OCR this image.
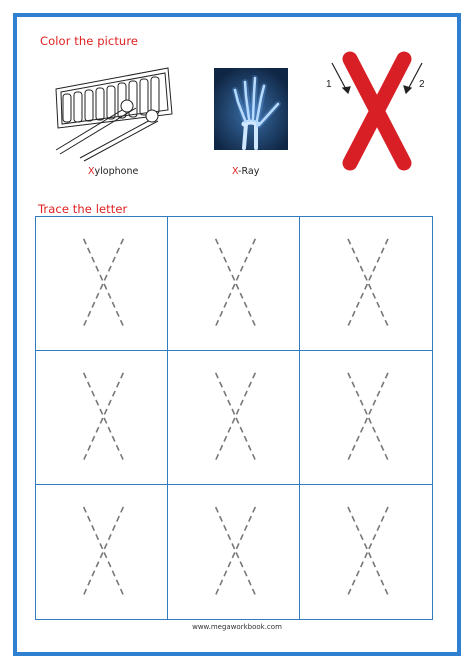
Color the picture
Xylophone	X-Ray
1	2
Trace the letter
www.megaworkbook.com
